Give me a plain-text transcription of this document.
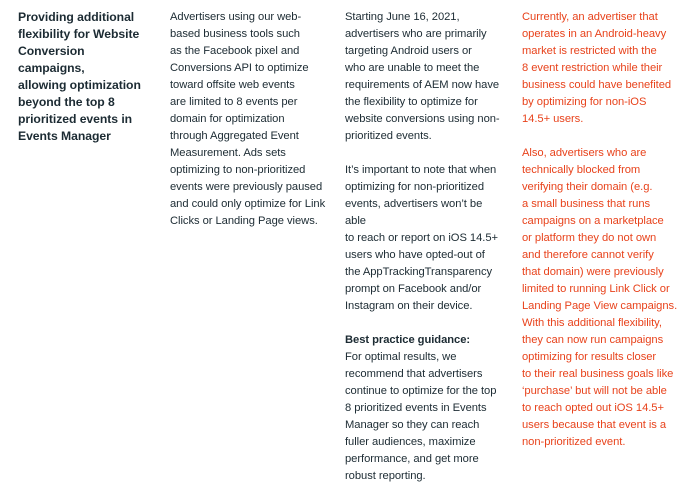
Providing additional

flexibility for Website

Conversion campaigns,

allowing optimization

beyond the top 8

prioritized events in

Events Manager

Advertisers using our web-

based business tools such

as the Facebook pixel and

Conversions API to optimize

toward offsite web events

are limited to 8 events per

domain for optimization

through Aggregated Event

Measurement. Ads sets

optimizing to non-prioritized

events were previously paused

and could only optimize for Link

Clicks or Landing Page views.

Starting June 16, 2021,

advertisers who are primarily

targeting Android users or

who are unable to meet the

requirements of AEM now have

the flexibility to optimize for

website conversions using non-

prioritized events.

It’s important to note that when

optimizing for non-prioritized

events, advertisers won’t be able

to reach or report on iOS 14.5+

users who have opted-out of

the AppTrackingTransparency

prompt on Facebook and/or

Instagram on their device.

Best practice guidance:

For optimal results, we

recommend that advertisers

continue to optimize for the top

8 prioritized events in Events

Manager so they can reach

fuller audiences, maximize

performance, and get more

robust reporting.

Currently, an advertiser that

operates in an Android-heavy

market is restricted with the

8 event restriction while their

business could have benefited

by optimizing for non-iOS

14.5+ users.

Also, advertisers who are

technically blocked from

verifying their domain (e.g.

a small business that runs

campaigns on a marketplace

or platform they do not own

and therefore cannot verify

that domain) were previously

limited to running Link Click or

Landing Page View campaigns.

With this additional flexibility,

they can now run campaigns

optimizing for results closer

to their real business goals like

‘purchase’ but will not be able

to reach opted out iOS 14.5+

users because that event is a

non-prioritized event.
